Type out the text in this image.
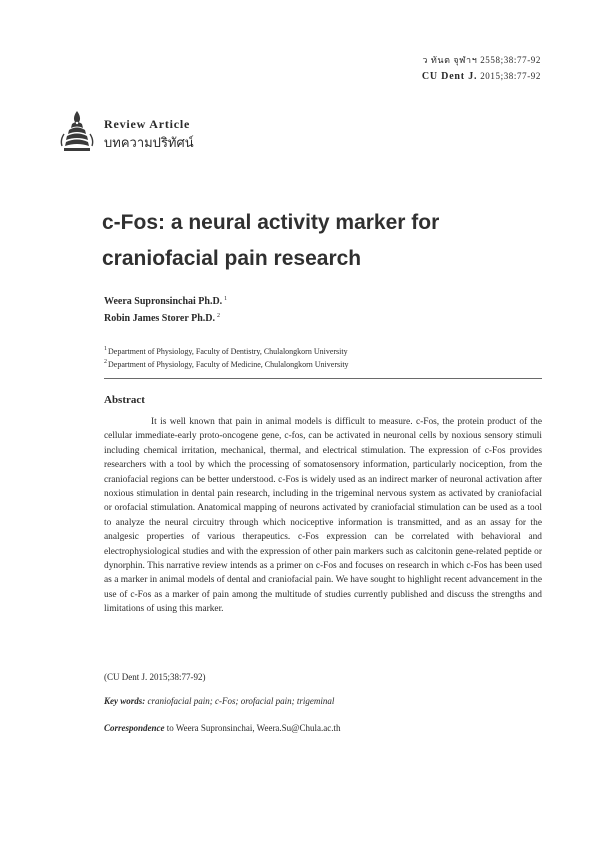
ว ทันต จุฬาฯ 2558;38:77-92
CU Dent J. 2015;38:77-92
Review Article
บทความปริทัศน์
c-Fos: a neural activity marker for
craniofacial pain research
Weera Supronsinchai Ph.D. $^1$
Robin James Storer Ph.D. $^2$
$^1$Department of Physiology, Faculty of Dentistry, Chulalongkorn University
$^2$Department of Physiology, Faculty of Medicine, Chulalongkorn University
Abstract

It is well known that pain in animal models is difficult to measure. c-Fos, the protein product of the cellular immediate-early proto-oncogene gene, c-fos, can be activated in neuronal cells by noxious sensory stimuli including chemical irritation, mechanical, thermal, and electrical stimulation. The expression of c-Fos provides researchers with a tool by which the processing of somatosensory information, particularly nociception, from the craniofacial regions can be better understood. c-Fos is widely used as an indirect marker of neuronal activation after noxious stimulation in dental pain research, including in the trigeminal nervous system as activated by craniofacial or orofacial stimulation. Anatomical mapping of neurons activated by craniofacial stimulation can be used as a tool to analyze the neural circuitry through which nociceptive information is transmitted, and as an assay for the analgesic properties of various therapeutics. c-Fos expression can be correlated with behavioral and electrophysiological studies and with the expression of other pain markers such as calcitonin gene-related peptide or dynorphin. This narrative review intends as a primer on c-Fos and focuses on research in which c-Fos has been used as a marker in animal models of dental and craniofacial pain. We have sought to highlight recent advancement in the use of c-Fos as a marker of pain among the multitude of studies currently published and discuss the strengths and limitations of using this marker.

(CU Dent J. 2015;38:77-92)
Key words: craniofacial pain; c-Fos; orofacial pain; trigeminal
Correspondence to Weera Supronsinchai, Weera.Su@Chula.ac.th
